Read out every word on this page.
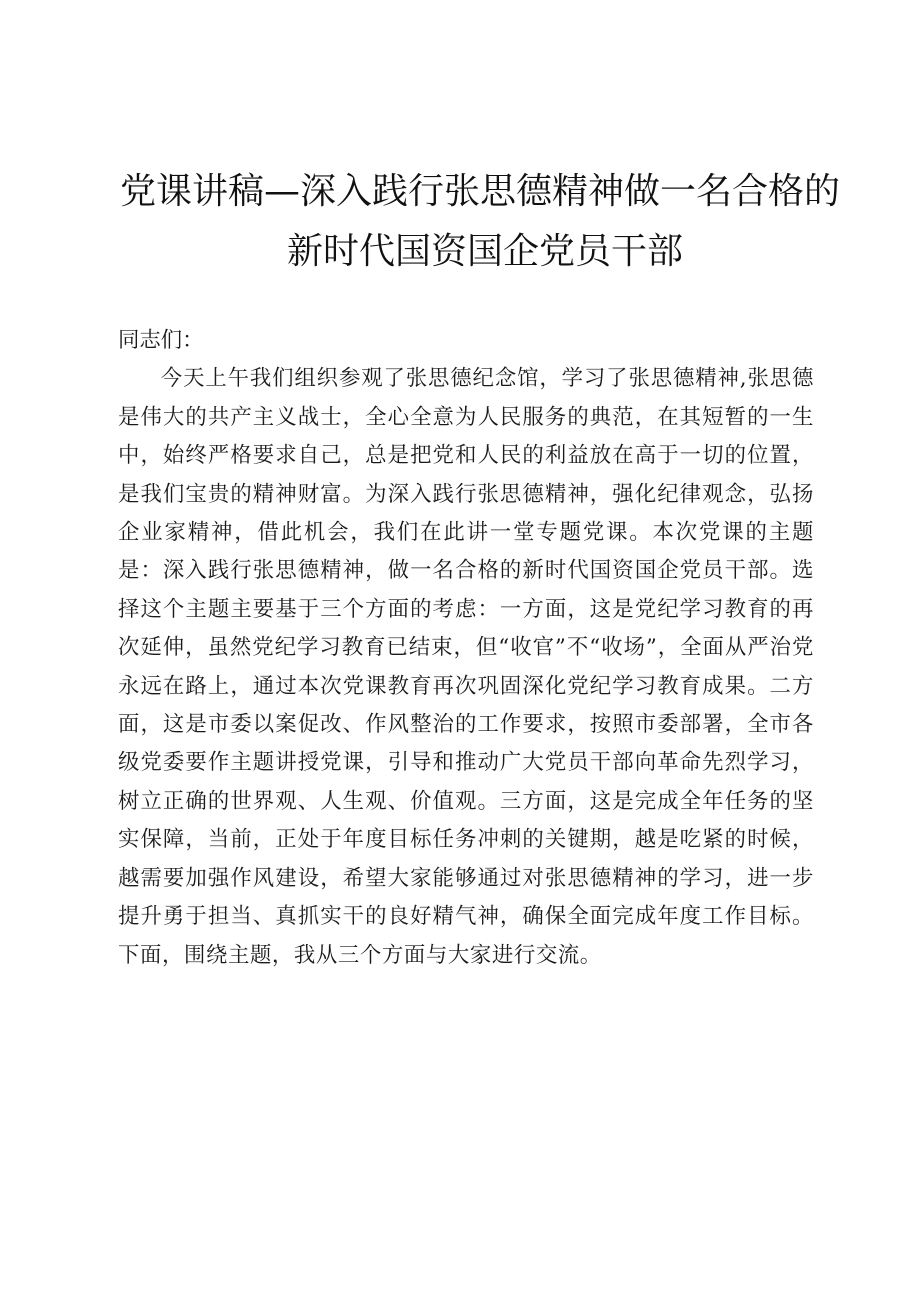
党课讲稿—深入践行张思德精神做一名合格的
新时代国资国企党员干部

同志们：

今天上午我们组织参观了张思德纪念馆，学习了张思德精神,张思德是伟大的共产主义战士，全心全意为人民服务的典范，在其短暂的一生中，始终严格要求自己，总是把党和人民的利益放在高于一切的位置，是我们宝贵的精神财富。为深入践行张思德精神，强化纪律观念，弘扬企业家精神，借此机会，我们在此讲一堂专题党课。本次党课的主题是：深入践行张思德精神，做一名合格的新时代国资国企党员干部。选择这个主题主要基于三个方面的考虑：一方面，这是党纪学习教育的再次延伸，虽然党纪学习教育已结束，但“收官”不“收场”，全面从严治党永远在路上，通过本次党课教育再次巩固深化党纪学习教育成果。二方面，这是市委以案促改、作风整治的工作要求，按照市委部署，全市各级党委要作主题讲授党课，引导和推动广大党员干部向革命先烈学习，树立正确的世界观、人生观、价值观。三方面，这是完成全年任务的坚实保障，当前，正处于年度目标任务冲刺的关键期，越是吃紧的时候，越需要加强作风建设，希望大家能够通过对张思德精神的学习，进一步提升勇于担当、真抓实干的良好精气神，确保全面完成年度工作目标。下面，围绕主题，我从三个方面与大家进行交流。
